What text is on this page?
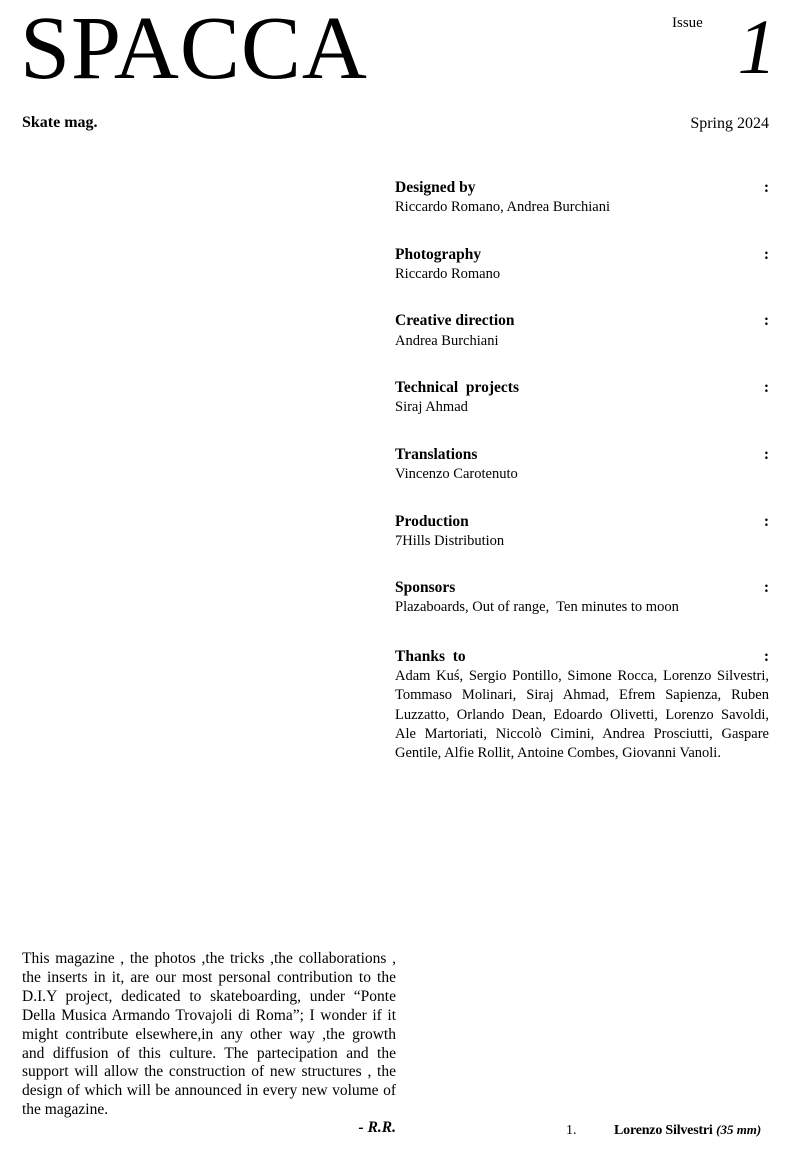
SPACCA
Skate mag.
Issue 1
Spring 2024
Designed by	:
Riccardo Romano, Andrea Burchiani
Photography	:
Riccardo Romano
Creative direction	:
Andrea Burchiani
Technical  projects	:
Siraj Ahmad
Translations	:
Vincenzo Carotenuto
Production	:
7Hills Distribution
Sponsors	:
Plazaboards, Out of range,  Ten minutes to moon
Thanks  to	:
Adam Kuś, Sergio Pontillo, Simone Rocca, Lorenzo Silvestri, Tommaso Molinari, Siraj Ahmad, Efrem Sapienza, Ruben Luzzatto, Orlando Dean, Edoardo Olivetti, Lorenzo Savoldi, Ale Martoriati, Niccolò Cimini, Andrea Prosciutti, Gaspare Gentile, Alfie Rollit, Antoine Combes, Giovanni Vanoli.
This magazine , the photos ,the tricks ,the collaborations , the inserts in it, are our most personal contribution to the D.I.Y project, dedicated to skateboarding, under “Ponte Della Musica Armando Trovajoli di Roma”; I wonder if it might contribute elsewhere,in any other way ,the growth and diffusion of this culture. The partecipation and the support will allow the construction of new structures , the design of which will be announced in every new volume of the magazine.
- R.R.	1.	Lorenzo Silvestri (35 mm)
